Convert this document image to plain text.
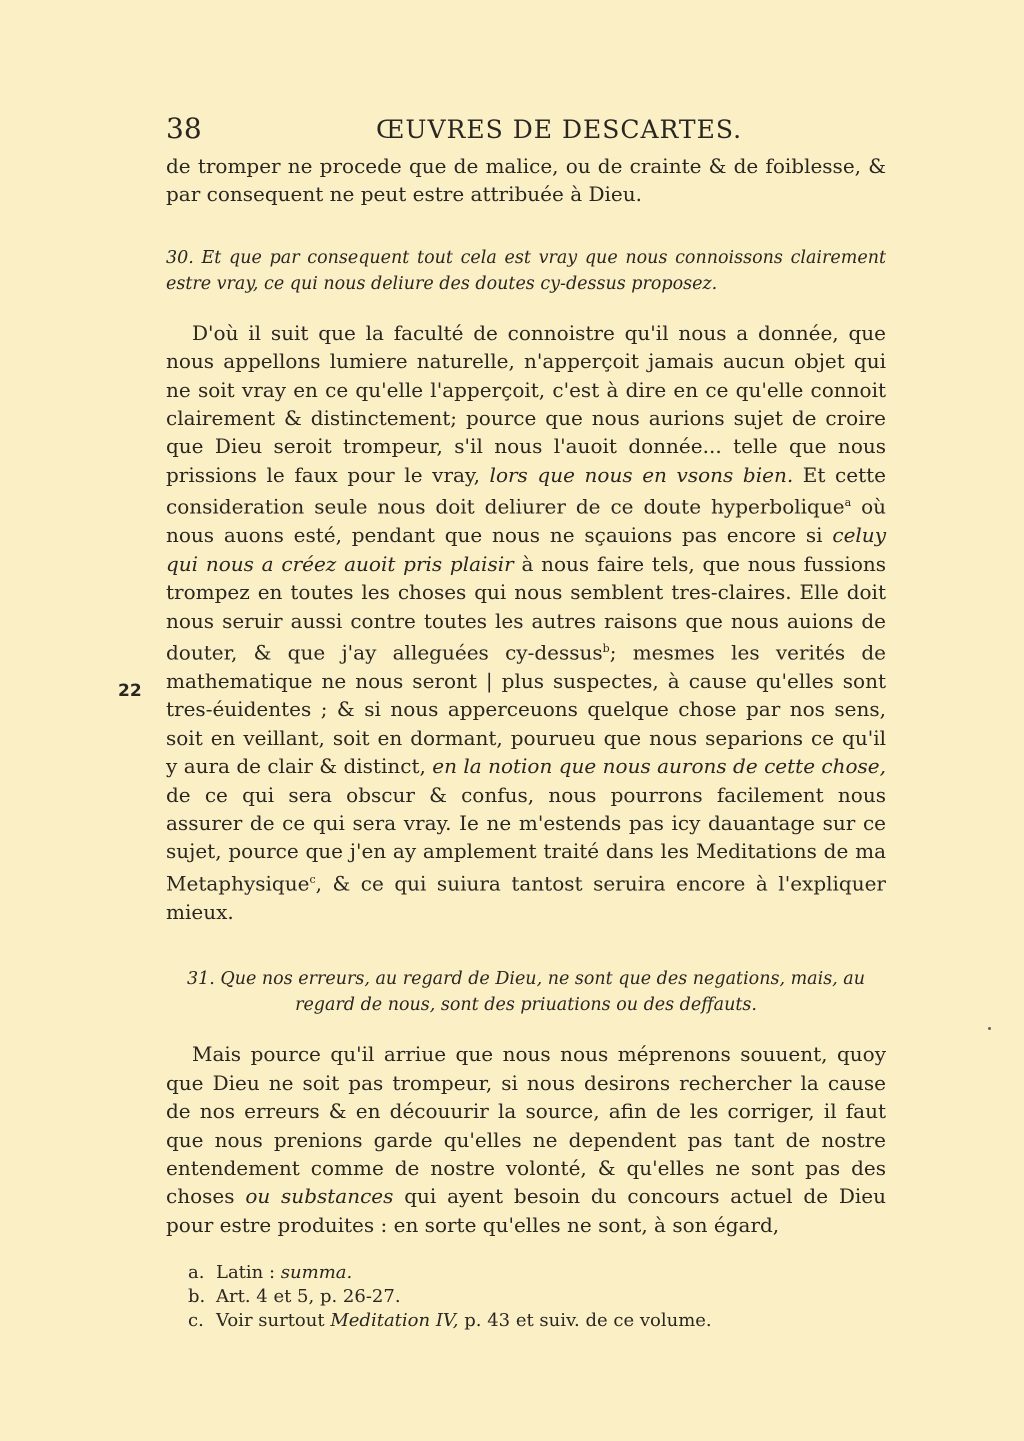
38	ŒUVRES DE DESCARTES.

de tromper ne procede que de malice, ou de crainte & de foiblesse, & par consequent ne peut estre attribuée à Dieu.

30. Et que par consequent tout cela est vray que nous connoissons clairement estre vray, ce qui nous deliure des doutes cy-dessus proposez.

D'où il suit que la faculté de connoistre qu'il nous a donnée, que nous appellons lumiere naturelle, n'apperçoit jamais aucun objet qui ne soit vray en ce qu'elle l'apperçoit, c'est à dire en ce qu'elle connoit clairement & distinctement; pource que nous aurions sujet de croire que Dieu seroit trompeur, s'il nous l'auoit donnée... telle que nous prissions le faux pour le vray, lors que nous en vsons bien. Et cette consideration seule nous doit deliurer de ce doute hyperbolique$^a$ où nous auons esté, pendant que nous ne sçauions pas encore si celuy qui nous a créez auoit pris plaisir à nous faire tels, que nous fussions trompez en toutes les choses qui nous semblent tres-claires. Elle doit nous seruir aussi contre toutes les autres raisons que nous auions de douter, & que j'ay alleguées cy-dessus$^b$; mesmes les verités de mathematique ne nous seront | plus suspectes, à cause qu'elles sont tres-éuidentes ; & si nous apperceuons quelque chose par nos sens, soit en veillant, soit en dormant, pourueu que nous separions ce qu'il y aura de clair & distinct, en la notion que nous aurons de cette chose, de ce qui sera obscur & confus, nous pourrons facilement nous assurer de ce qui sera vray. Ie ne m'estends pas icy dauantage sur ce sujet, pource que j'en ay amplement traité dans les Meditations de ma Metaphysique$^c$, & ce qui suiura tantost seruira encore à l'expliquer mieux.

31. Que nos erreurs, au regard de Dieu, ne sont que des negations, mais, au regard de nous, sont des priuations ou des deffauts.

Mais pource qu'il arriue que nous nous méprenons souuent, quoy que Dieu ne soit pas trompeur, si nous desirons rechercher la cause de nos erreurs & en découurir la source, afin de les corriger, il faut que nous prenions garde qu'elles ne dependent pas tant de nostre entendement comme de nostre volonté, & qu'elles ne sont pas des choses ou substances qui ayent besoin du concours actuel de Dieu pour estre produites : en sorte qu'elles ne sont, à son égard,

a. Latin : summa.
b. Art. 4 et 5, p. 26-27.
c. Voir surtout Meditation IV, p. 43 et suiv. de ce volume.
22
